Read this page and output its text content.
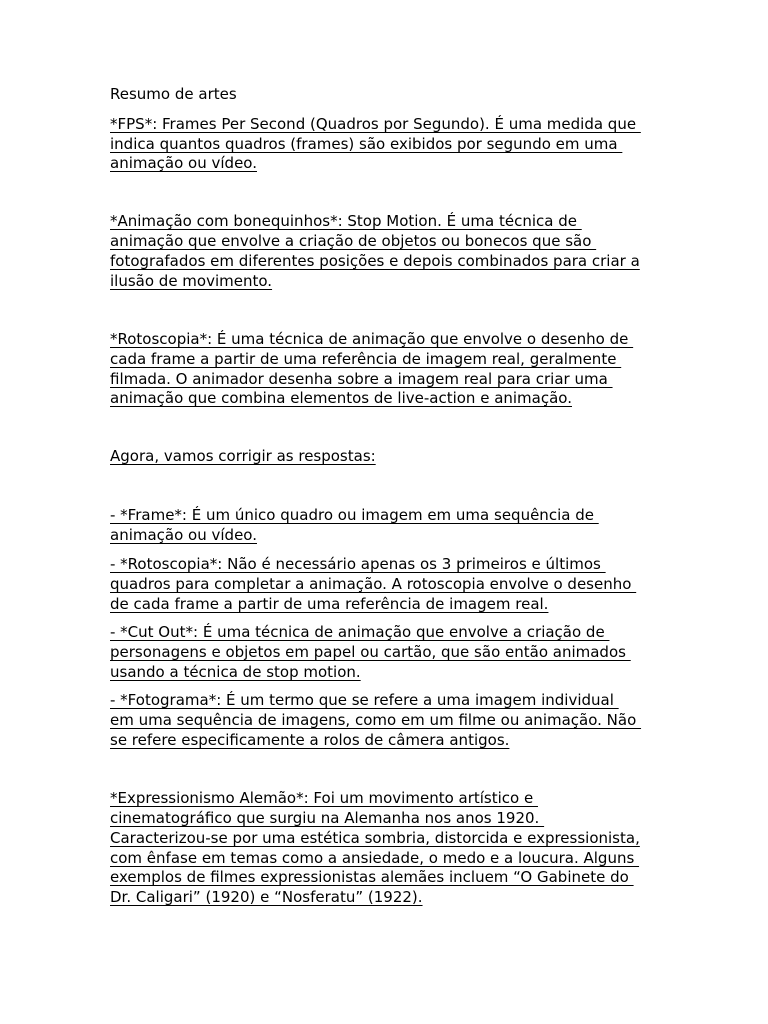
Resumo de artes

*FPS*: Frames Per Second (Quadros por Segundo). É uma medida que

indica quantos quadros (frames) são exibidos por segundo em uma

animação ou vídeo.

*Animação com bonequinhos*: Stop Motion. É uma técnica de

animação que envolve a criação de objetos ou bonecos que são

fotografados em diferentes posições e depois combinados para criar a

ilusão de movimento.

*Rotoscopia*: É uma técnica de animação que envolve o desenho de

cada frame a partir de uma referência de imagem real, geralmente

filmada. O animador desenha sobre a imagem real para criar uma

animação que combina elementos de live-action e animação.

Agora, vamos corrigir as respostas:

- *Frame*: É um único quadro ou imagem em uma sequência de

animação ou vídeo.

- *Rotoscopia*: Não é necessário apenas os 3 primeiros e últimos

quadros para completar a animação. A rotoscopia envolve o desenho

de cada frame a partir de uma referência de imagem real.

- *Cut Out*: É uma técnica de animação que envolve a criação de

personagens e objetos em papel ou cartão, que são então animados

usando a técnica de stop motion.

- *Fotograma*: É um termo que se refere a uma imagem individual

em uma sequência de imagens, como em um filme ou animação. Não

se refere especificamente a rolos de câmera antigos.

*Expressionismo Alemão*: Foi um movimento artístico e

cinematográfico que surgiu na Alemanha nos anos 1920.

Caracterizou-se por uma estética sombria, distorcida e expressionista,

com ênfase em temas como a ansiedade, o medo e a loucura. Alguns

exemplos de filmes expressionistas alemães incluem “O Gabinete do

Dr. Caligari” (1920) e “Nosferatu” (1922).
